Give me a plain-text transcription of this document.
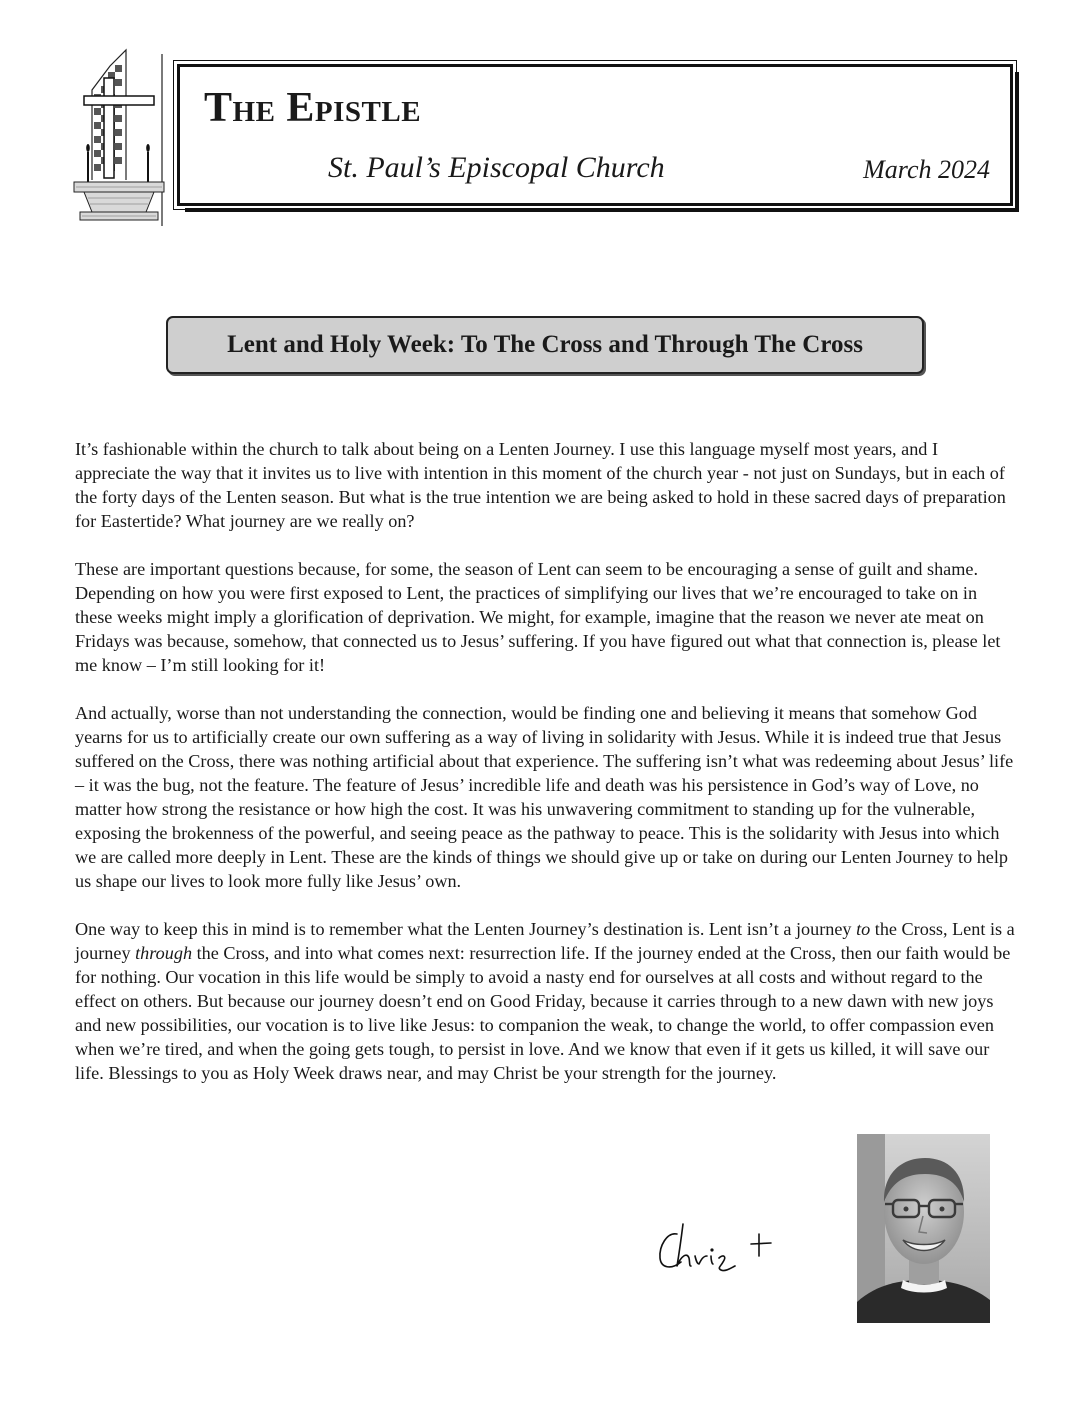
The Epistle

St. Paul’s Episcopal Church	March 2024

Lent and Holy Week: To The Cross and Through The Cross

It’s fashionable within the church to talk about being on a Lenten Journey. I use this language myself most years, and I appreciate the way that it invites us to live with intention in this moment of the church year - not just on Sundays, but in each of the forty days of the Lenten season. But what is the true intention we are being asked to hold in these sacred days of preparation for Eastertide? What journey are we really on?

These are important questions because, for some, the season of Lent can seem to be encouraging a sense of guilt and shame. Depending on how you were first exposed to Lent, the practices of simplifying our lives that we’re encouraged to take on in these weeks might imply a glorification of deprivation. We might, for example, imagine that the reason we never ate meat on Fridays was because, somehow, that connected us to Jesus’ suffering. If you have figured out what that connection is, please let me know – I’m still looking for it!

And actually, worse than not understanding the connection, would be finding one and believing it means that somehow God yearns for us to artificially create our own suffering as a way of living in solidarity with Jesus. While it is indeed true that Jesus suffered on the Cross, there was nothing artificial about that experience. The suffering isn’t what was redeeming about Jesus’ life – it was the bug, not the feature. The feature of Jesus’ incredible life and death was his persistence in God’s way of Love, no matter how strong the resistance or how high the cost. It was his unwavering commitment to standing up for the vulnerable, exposing the brokenness of the powerful, and seeing peace as the pathway to peace. This is the solidarity with Jesus into which we are called more deeply in Lent. These are the kinds of things we should give up or take on during our Lenten Journey to help us shape our lives to look more fully like Jesus’ own.

One way to keep this in mind is to remember what the Lenten Journey’s destination is. Lent isn’t a journey to the Cross, Lent is a journey through the Cross, and into what comes next: resurrection life. If the journey ended at the Cross, then our faith would be for nothing. Our vocation in this life would be simply to avoid a nasty end for ourselves at all costs and without regard to the effect on others. But because our journey doesn’t end on Good Friday, because it carries through to a new dawn with new joys and new possibilities, our vocation is to live like Jesus: to companion the weak, to change the world, to offer compassion even when we’re tired, and when the going gets tough, to persist in love. And we know that even if it gets us killed, it will save our life. Blessings to you as Holy Week draws near, and may Christ be your strength for the journey.
